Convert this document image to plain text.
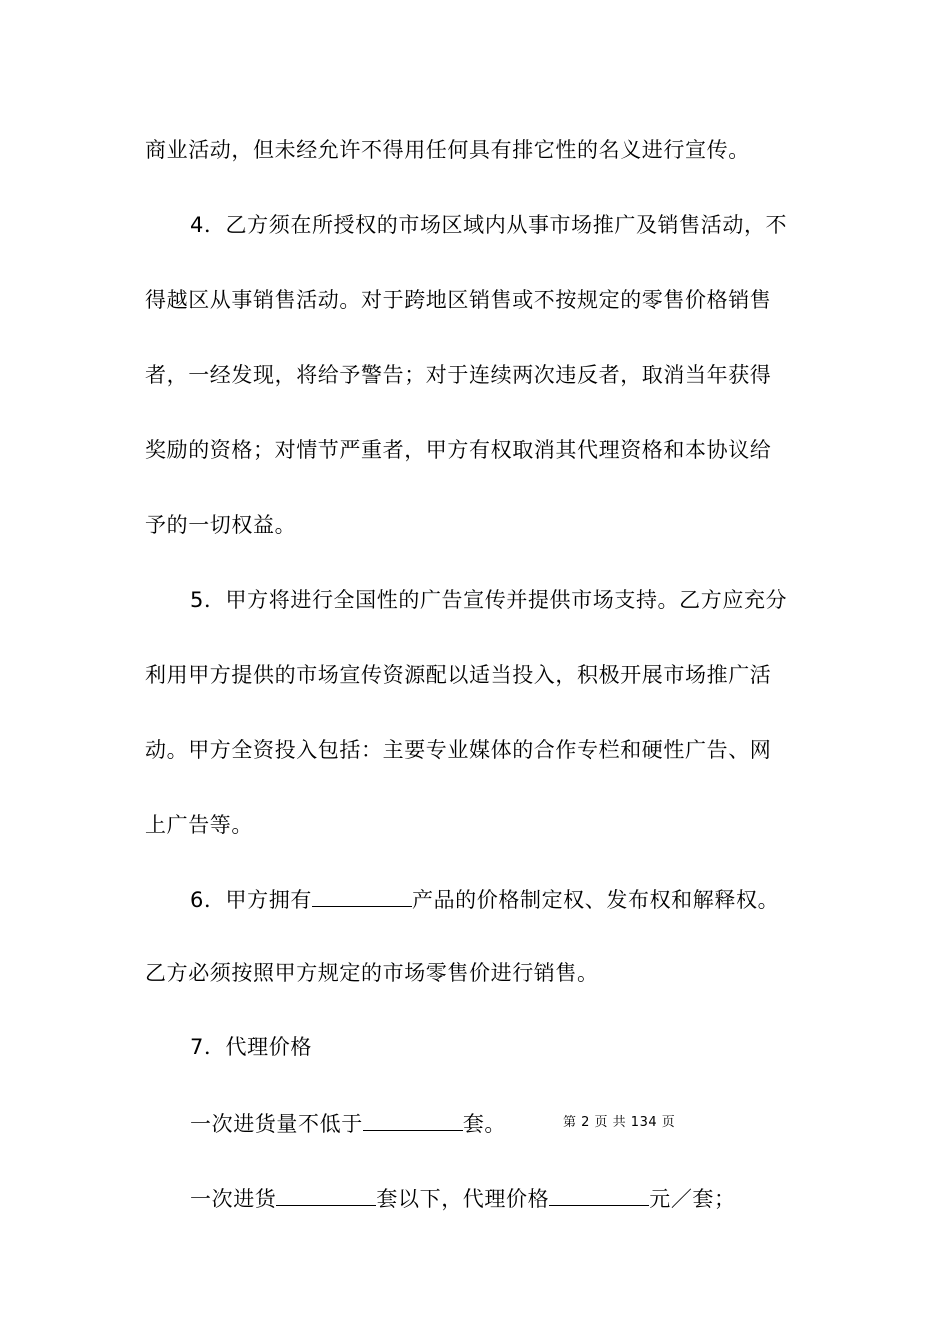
商业活动，但未经允许不得用任何具有排它性的名义进行宣传。
4．乙方须在所授权的市场区域内从事市场推广及销售活动，不
得越区从事销售活动。对于跨地区销售或不按规定的零售价格销售
者，一经发现，将给予警告；对于连续两次违反者，取消当年获得
奖励的资格；对情节严重者，甲方有权取消其代理资格和本协议给
予的一切权益。
5．甲方将进行全国性的广告宣传并提供市场支持。乙方应充分
利用甲方提供的市场宣传资源配以适当投入，积极开展市场推广活
动。甲方全资投入包括：主要专业媒体的合作专栏和硬性广告、网
上广告等。
6．甲方拥有	产品的价格制定权、发布权和解释权。
乙方必须按照甲方规定的市场零售价进行销售。
7．代理价格
一次进货量不低于	套。	第 2 页 共 134 页
一次进货	套以下，代理价格	元／套；
